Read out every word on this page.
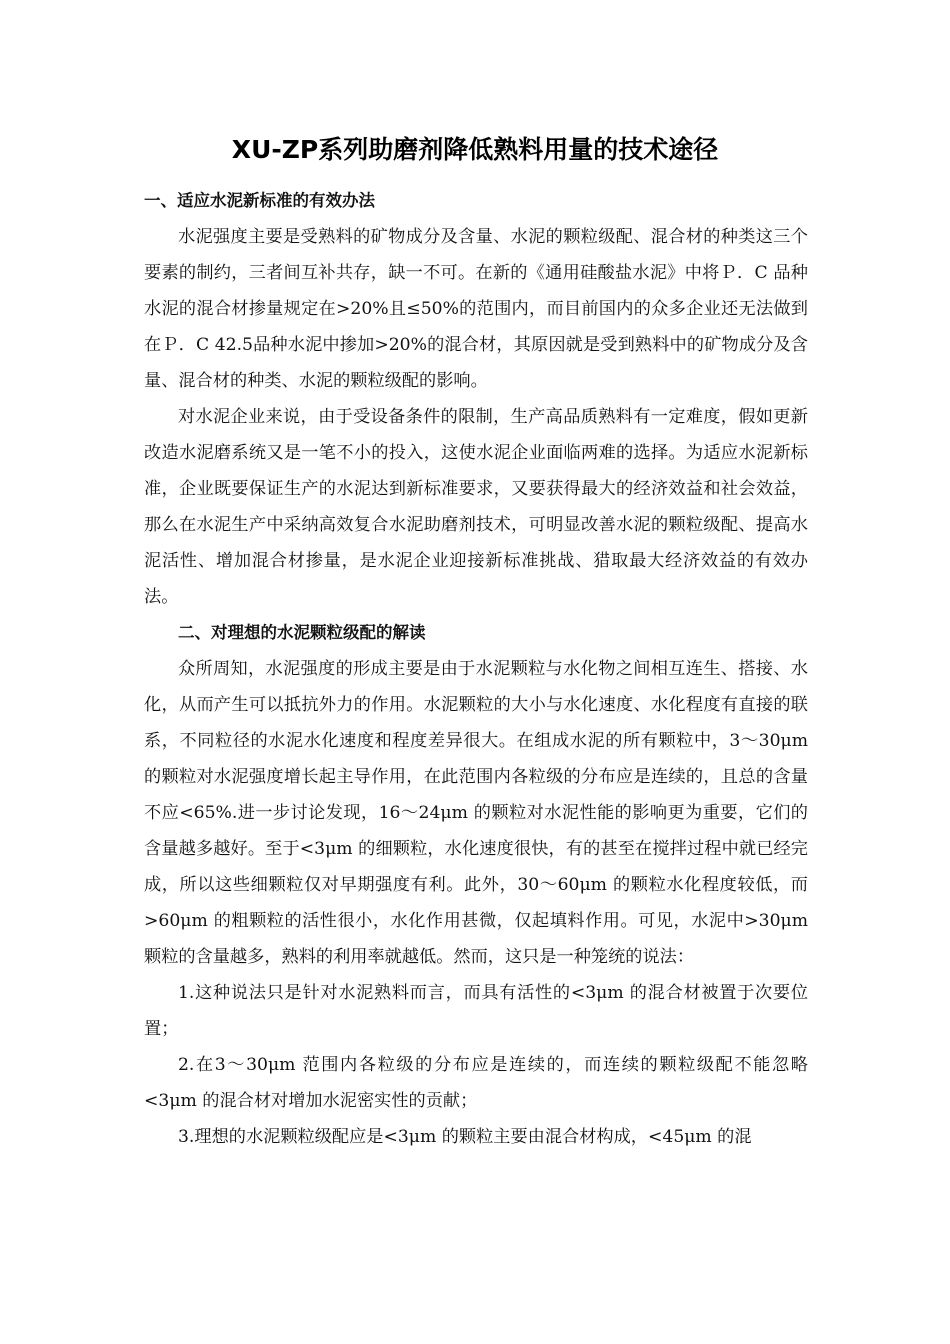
XU-ZP系列助磨剂降低熟料用量的技术途径

一、适应水泥新标准的有效办法

水泥强度主要是受熟料的矿物成分及含量、水泥的颗粒级配、混合材的种类这三个要素的制约，三者间互补共存，缺一不可。在新的《通用硅酸盐水泥》中将Ｐ．C 品种水泥的混合材掺量规定在>20%且≤50%的范围内，而目前国内的众多企业还无法做到在Ｐ．C 42.5品种水泥中掺加>20%的混合材，其原因就是受到熟料中的矿物成分及含量、混合材的种类、水泥的颗粒级配的影响。

对水泥企业来说，由于受设备条件的限制，生产高品质熟料有一定难度，假如更新改造水泥磨系统又是一笔不小的投入，这使水泥企业面临两难的选择。为适应水泥新标准，企业既要保证生产的水泥达到新标准要求，又要获得最大的经济效益和社会效益，那么在水泥生产中采纳高效复合水泥助磨剂技术，可明显改善水泥的颗粒级配、提高水泥活性、增加混合材掺量，是水泥企业迎接新标准挑战、猎取最大经济效益的有效办法。

二、对理想的水泥颗粒级配的解读

众所周知，水泥强度的形成主要是由于水泥颗粒与水化物之间相互连生、搭接、水化，从而产生可以抵抗外力的作用。水泥颗粒的大小与水化速度、水化程度有直接的联系，不同粒径的水泥水化速度和程度差异很大。在组成水泥的所有颗粒中，3～30μm 的颗粒对水泥强度增长起主导作用，在此范围内各粒级的分布应是连续的，且总的含量不应<65%.进一步讨论发现，16～24μm 的颗粒对水泥性能的影响更为重要，它们的含量越多越好。至于<3μm 的细颗粒，水化速度很快，有的甚至在搅拌过程中就已经完成，所以这些细颗粒仅对早期强度有利。此外，30～60μm 的颗粒水化程度较低，而>60μm 的粗颗粒的活性很小，水化作用甚微，仅起填料作用。可见，水泥中>30μm 颗粒的含量越多，熟料的利用率就越低。然而，这只是一种笼统的说法：

1.这种说法只是针对水泥熟料而言，而具有活性的<3μm 的混合材被置于次要位置；

2.在3～30μm 范围内各粒级的分布应是连续的，而连续的颗粒级配不能忽略<3μm 的混合材对增加水泥密实性的贡献；

3.理想的水泥颗粒级配应是<3μm 的颗粒主要由混合材构成，<45μm 的混
